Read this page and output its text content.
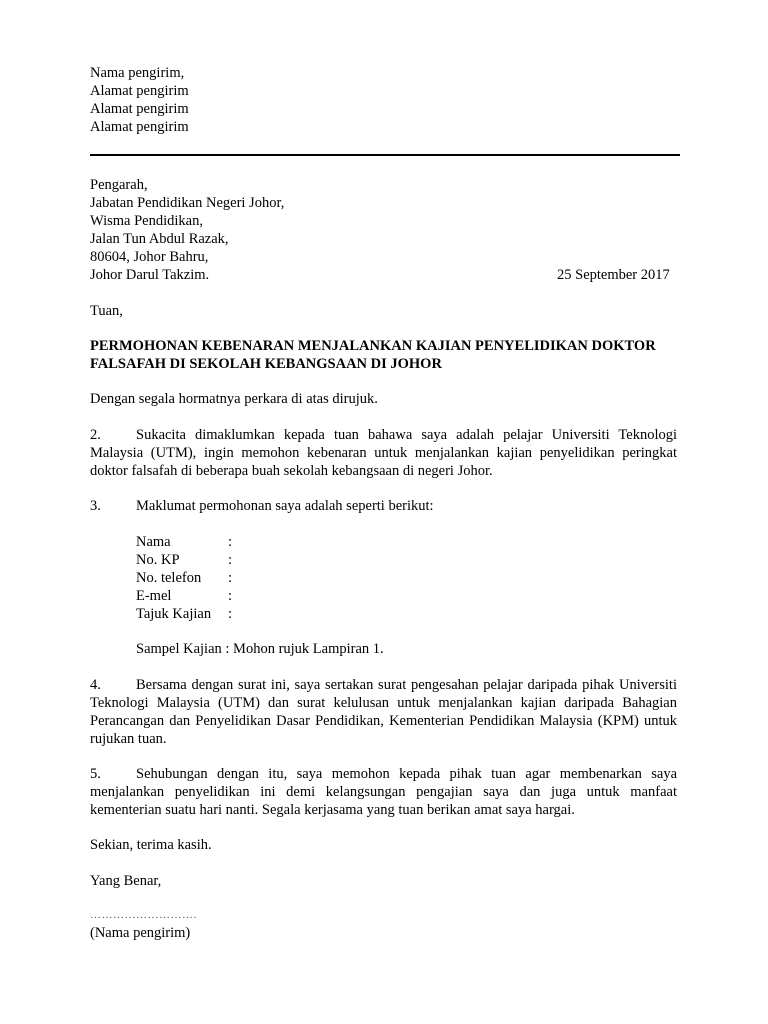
Nama pengirim,
Alamat pengirim
Alamat pengirim
Alamat pengirim
Pengarah,
Jabatan Pendidikan Negeri Johor,
Wisma Pendidikan,
Jalan Tun Abdul Razak,
80604, Johor Bahru,
Johor Darul Takzim.	25 September 2017
Tuan,
PERMOHONAN KEBENARAN MENJALANKAN KAJIAN PENYELIDIKAN DOKTOR
FALSAFAH DI SEKOLAH KEBANGSAAN DI JOHOR
Dengan segala hormatnya perkara di atas dirujuk.
2. Sukacita dimaklumkan kepada tuan bahawa saya adalah pelajar Universiti Teknologi Malaysia (UTM), ingin memohon kebenaran untuk menjalankan kajian penyelidikan peringkat doktor falsafah di beberapa buah sekolah kebangsaan di negeri Johor.
3. Maklumat permohonan saya adalah seperti berikut:
Nama	:
No. KP	:
No. telefon	:
E-mel	:
Tajuk Kajian	:
Sampel Kajian : Mohon rujuk Lampiran 1.
4. Bersama dengan surat ini, saya sertakan surat pengesahan pelajar daripada pihak Universiti Teknologi Malaysia (UTM) dan surat kelulusan untuk menjalankan kajian daripada Bahagian Perancangan dan Penyelidikan Dasar Pendidikan, Kementerian Pendidikan Malaysia (KPM) untuk rujukan tuan.
5. Sehubungan dengan itu, saya memohon kepada pihak tuan agar membenarkan saya menjalankan penyelidikan ini demi kelangsungan pengajian saya dan juga untuk manfaat kementerian suatu hari nanti. Segala kerjasama yang tuan berikan amat saya hargai.
Sekian, terima kasih.
Yang Benar,
……………………….
(Nama pengirim)
